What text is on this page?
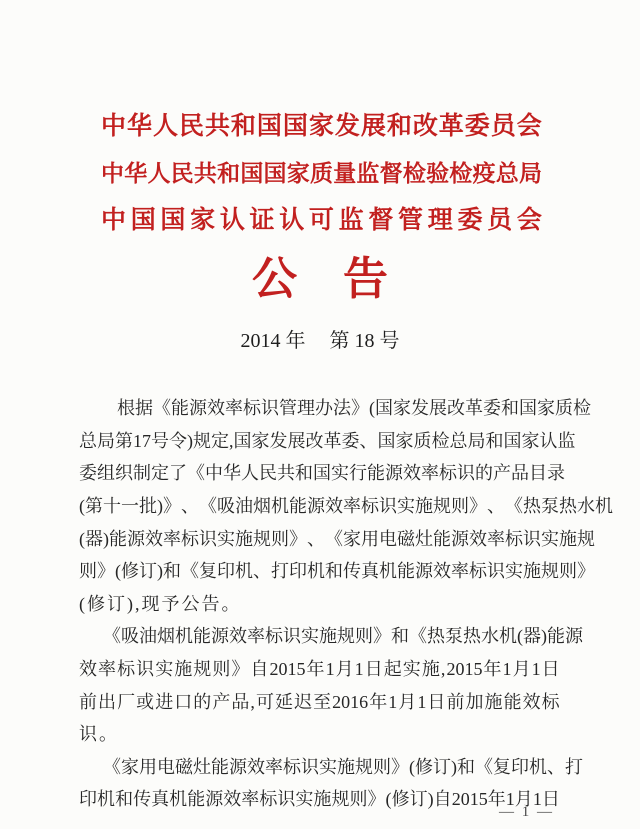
中 华 人 民 共 和 国 国 家 发 展 和 改 革 委 员 会
中 华 人 民 共 和 国 国 家 质 量 监 督 检 验 检 疫 总 局
中 国 国 家 认 证 认 可 监 督 管 理 委 员 会
公 告
2014 年 第 18 号
根 据 《 能 源 效 率 标 识 管 理 办 法 》 ( 国 家 发 展 改 革 委 和 国 家 质 检
总 局 第 17 号 令 ) 规 定 , 国 家 发 展 改 革 委 、 国 家 质 检 总 局 和 国 家 认 监
委 组 织 制 定 了 《 中 华 人 民 共 和 国 实 行 能 源 效 率 标 识 的 产 品 目 录
( 第 十 一 批 ) 》 、 《 吸 油 烟 机 能 源 效 率 标 识 实 施 规 则 》 、 《 热 泵 热 水 机
( 器 ) 能 源 效 率 标 识 实 施 规 则 》 、 《 家 用 电 磁 灶 能 源 效 率 标 识 实 施 规
则 》 ( 修 订 ) 和 《 复 印 机 、 打 印 机 和 传 真 机 能 源 效 率 标 识 实 施 规 则 》
( 修 订 ) , 现 予 公 告 。
《 吸 油 烟 机 能 源 效 率 标 识 实 施 规 则 》 和 《 热 泵 热 水 机 ( 器 ) 能 源
效 率 标 识 实 施 规 则 》 自 2015 年 1 月 1 日 起 实 施 , 2015 年 1 月 1 日
前 出 厂 或 进 口 的 产 品 , 可 延 迟 至 2016 年 1 月 1 日 前 加 施 能 效 标
识 。
《 家 用 电 磁 灶 能 源 效 率 标 识 实 施 规 则 》 ( 修 订 ) 和 《 复 印 机 、 打
印 机 和 传 真 机 能 源 效 率 标 识 实 施 规 则 》 ( 修 订 ) 自 2015 年 1 月 1 日
— 1 —
